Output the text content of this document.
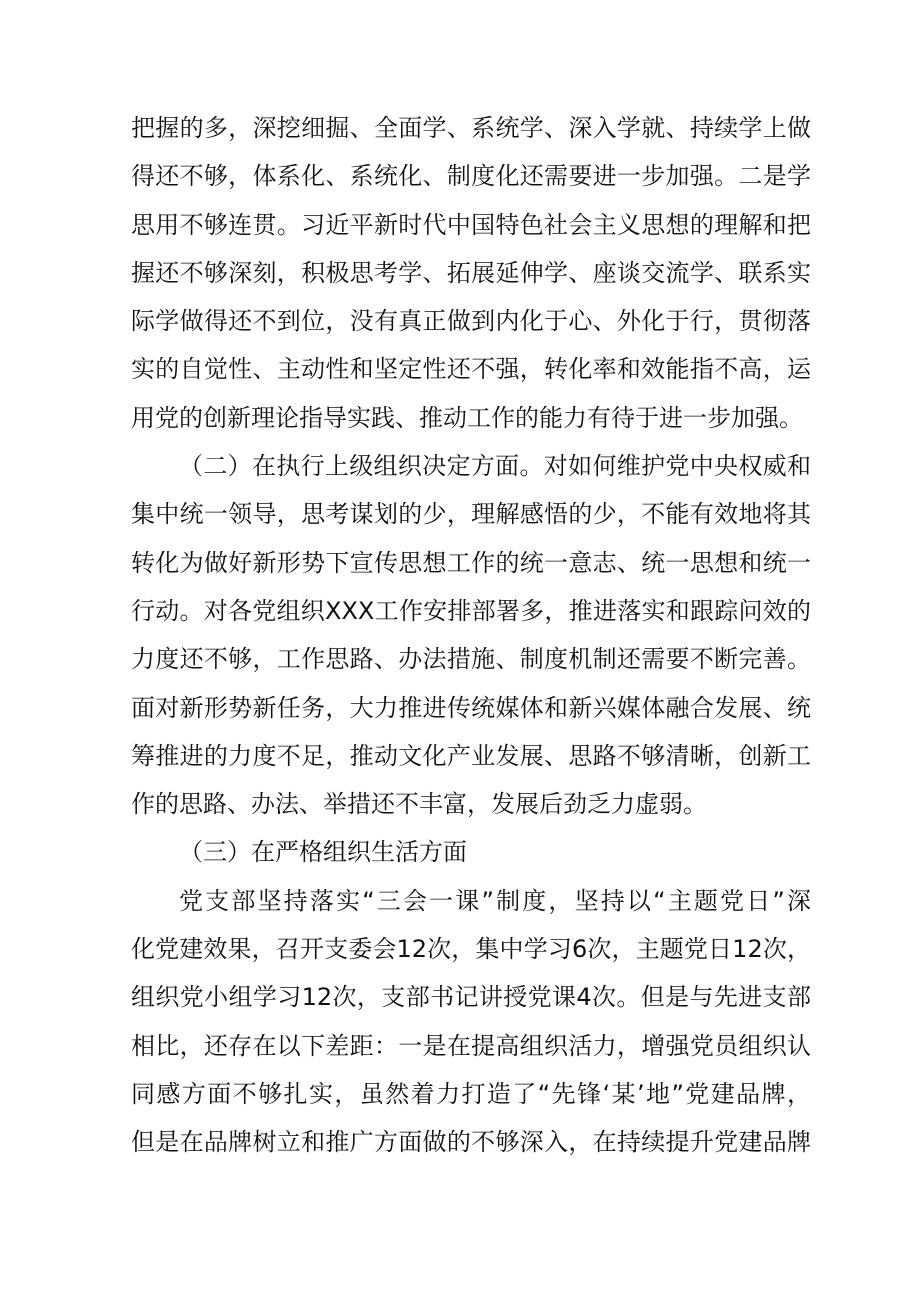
把握的多，深挖细掘、全面学、系统学、深入学就、持续学上做
得还不够，体系化、系统化、制度化还需要进一步加强。二是学
思用不够连贯。习近平新时代中国特色社会主义思想的理解和把
握还不够深刻，积极思考学、拓展延伸学、座谈交流学、联系实
际学做得还不到位，没有真正做到内化于心、外化于行，贯彻落
实的自觉性、主动性和坚定性还不强，转化率和效能指不高，运
用党的创新理论指导实践、推动工作的能力有待于进一步加强。
（二）在执行上级组织决定方面。对如何维护党中央权威和
集中统一领导，思考谋划的少，理解感悟的少，不能有效地将其
转化为做好新形势下宣传思想工作的统一意志、统一思想和统一
行动。对各党组织XXX工作安排部署多，推进落实和跟踪问效的
力度还不够，工作思路、办法措施、制度机制还需要不断完善。
面对新形势新任务，大力推进传统媒体和新兴媒体融合发展、统
筹推进的力度不足，推动文化产业发展、思路不够清晰，创新工
作的思路、办法、举措还不丰富，发展后劲乏力虚弱。
（三）在严格组织生活方面
党支部坚持落实“三会一课”制度，坚持以“主题党日”深
化党建效果，召开支委会12次，集中学习6次，主题党日12次，
组织党小组学习12次，支部书记讲授党课4次。但是与先进支部
相比，还存在以下差距：一是在提高组织活力，增强党员组织认
同感方面不够扎实，虽然着力打造了“先锋‘某’地”党建品牌，
但是在品牌树立和推广方面做的不够深入，在持续提升党建品牌
